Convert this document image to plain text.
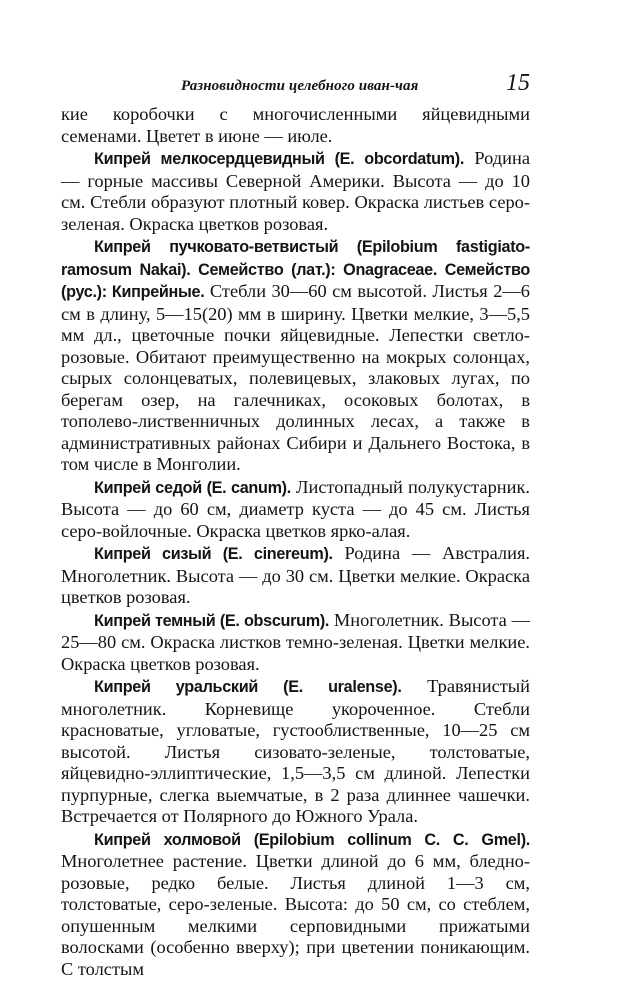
Разновидности целебного иван-чая	15

кие коробочки с многочисленными яйцевидными семенами. Цветет в июне — июле.

Кипрей мелкосердцевидный (E. obcordatum). Родина — горные массивы Северной Америки. Высота — до 10 см. Стебли образуют плотный ковер. Окраска листьев серо-зеленая. Окраска цветков розовая.

Кипрей пучковато-ветвистый (Epilobium fastigiato-ramosum Nakai). Семейство (лат.): Onagraceae. Семейство (рус.): Кипрейные. Стебли 30—60 см высотой. Листья 2—6 см в длину, 5—15(20) мм в ширину. Цветки мелкие, 3—5,5 мм дл., цветочные почки яйцевидные. Лепестки светло-розовые. Обитают преимущественно на мокрых солонцах, сырых солонцеватых, полевицевых, злаковых лугах, по берегам озер, на галечниках, осоковых болотах, в тополево-лиственничных долинных лесах, а также в административных районах Сибири и Дальнего Востока, в том числе в Монголии.

Кипрей седой (E. canum). Листопадный полукустарник. Высота — до 60 см, диаметр куста — до 45 см. Листья серо-войлочные. Окраска цветков ярко-алая.

Кипрей сизый (E. cinereum). Родина — Австралия. Многолетник. Высота — до 30 см. Цветки мелкие. Окраска цветков розовая.

Кипрей темный (E. obscurum). Многолетник. Высота — 25—80 см. Окраска листков темно-зеленая. Цветки мелкие. Окраска цветков розовая.

Кипрей уральский (E. uralense). Травянистый многолетник. Корневище укороченное. Стебли красноватые, угловатые, густооблиственные, 10—25 см высотой. Листья сизовато-зеленые, толстоватые, яйцевидно-эллиптические, 1,5—3,5 см длиной. Лепестки пурпурные, слегка выемчатые, в 2 раза длиннее чашечки. Встречается от Полярного до Южного Урала.

Кипрей холмовой (Epilobium collinum C. C. Gmel). Многолетнее растение. Цветки длиной до 6 мм, бледно-розовые, редко белые. Листья длиной 1—3 см, толстоватые, серо-зеленые. Высота: до 50 см, со стеблем, опушенным мелкими серповидными прижатыми волосками (особенно вверху); при цветении поникающим. С толстым
